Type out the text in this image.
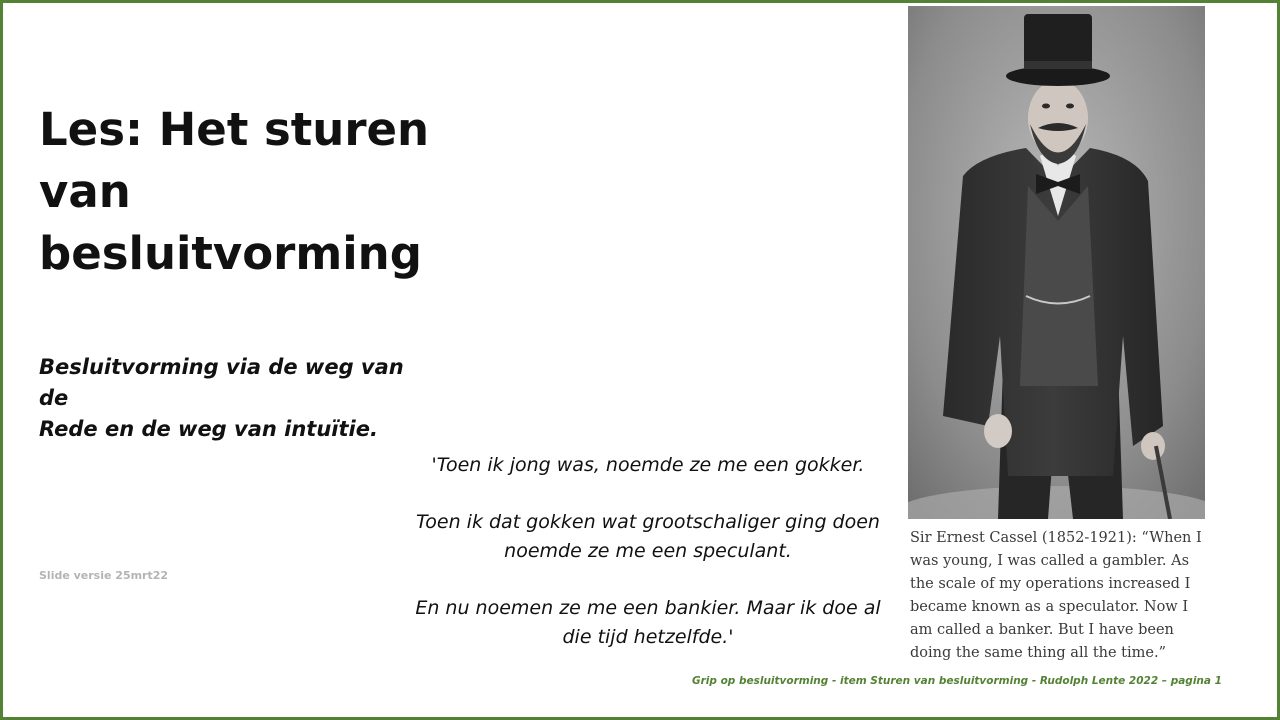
Les: Het sturen
van
besluitvorming

Besluitvorming via de weg van de
Rede en de weg van intuïtie.

Slide versie 25mrt22

'Toen ik jong was, noemde ze me een gokker.

Toen ik dat gokken wat grootschaliger ging doen noemde ze me een speculant.

En nu noemen ze me een bankier. Maar ik doe al die tijd hetzelfde.'

Sir Ernest Cassel (1852-1921): “When I was young, I was called a gambler. As the scale of my operations increased I became known as a speculator. Now I am called a banker. But I have been doing the same thing all the time.”
Grip op besluitvorming - item Sturen van besluitvorming - Rudolph Lente 2022 – pagina 1
